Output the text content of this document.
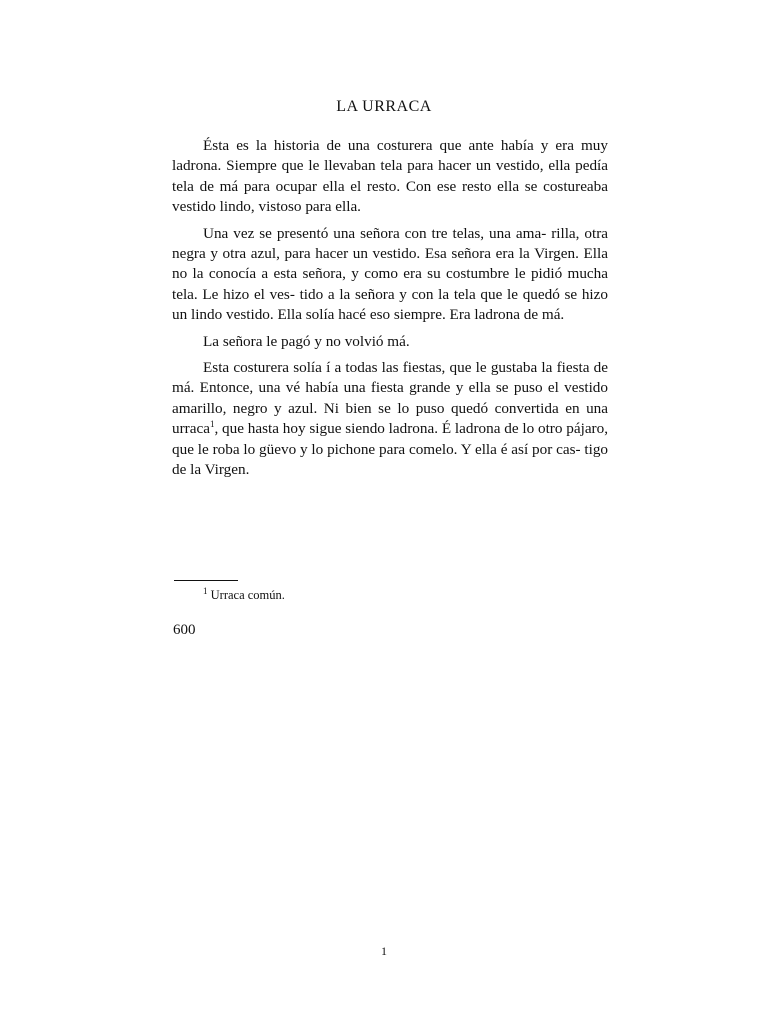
LA URRACA

Ésta es la historia de una costurera que ante había y era muy ladrona. Siempre que le llevaban tela para hacer un vestido, ella pedía tela de má para ocupar ella el resto. Con ese resto ella se costureaba vestido lindo, vistoso para ella.

Una vez se presentó una señora con tre telas, una ama- rilla, otra negra y otra azul, para hacer un vestido. Esa señora era la Virgen. Ella no la conocía a esta señora, y como era su costumbre le pidió mucha tela. Le hizo el ves- tido a la señora y con la tela que le quedó se hizo un lindo vestido. Ella solía hacé eso siempre. Era ladrona de má.

La señora le pagó y no volvió má.

Esta costurera solía í a todas las fiestas, que le gustaba la fiesta de má. Entonce, una vé había una fiesta grande y ella se puso el vestido amarillo, negro y azul. Ni bien se lo puso quedó convertida en una urraca$^1$, que hasta hoy sigue siendo ladrona. É ladrona de lo otro pájaro, que le roba lo güevo y lo pichone para comelo. Y ella é así por cas- tigo de la Virgen.

$^1$ Urraca común.
600
1
